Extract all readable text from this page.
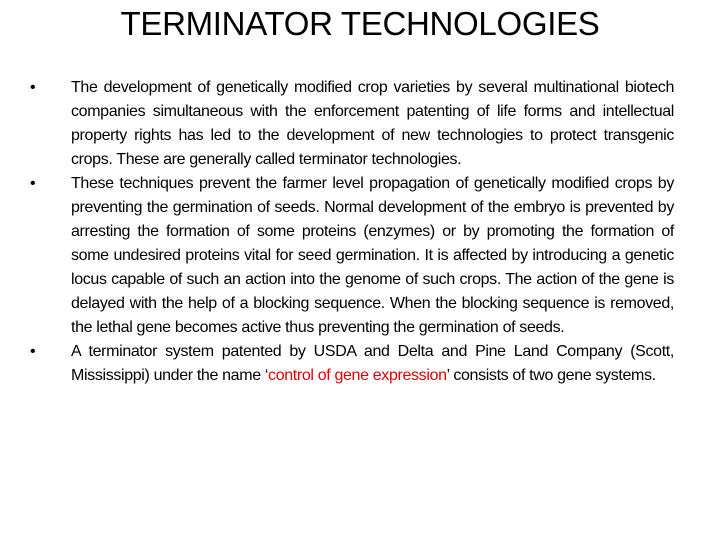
TERMINATOR TECHNOLOGIES
• The development of genetically modified crop varieties by several multinational biotech companies simultaneous with the enforcement patenting of life forms and intellectual property rights has led to the development of new technologies to protect transgenic crops. These are generally called terminator technologies.
• These techniques prevent the farmer level propagation of genetically modified crops by preventing the germination of seeds. Normal development of the embryo is prevented by arresting the formation of some proteins (enzymes) or by promoting the formation of some undesired proteins vital for seed germination. It is affected by introducing a genetic locus capable of such an action into the genome of such crops. The action of the gene is delayed with the help of a blocking sequence. When the blocking sequence is removed, the lethal gene becomes active thus preventing the germination of seeds.
• A terminator system patented by USDA and Delta and Pine Land Company (Scott, Mississippi) under the name ‘control of gene expression’ consists of two gene systems.
